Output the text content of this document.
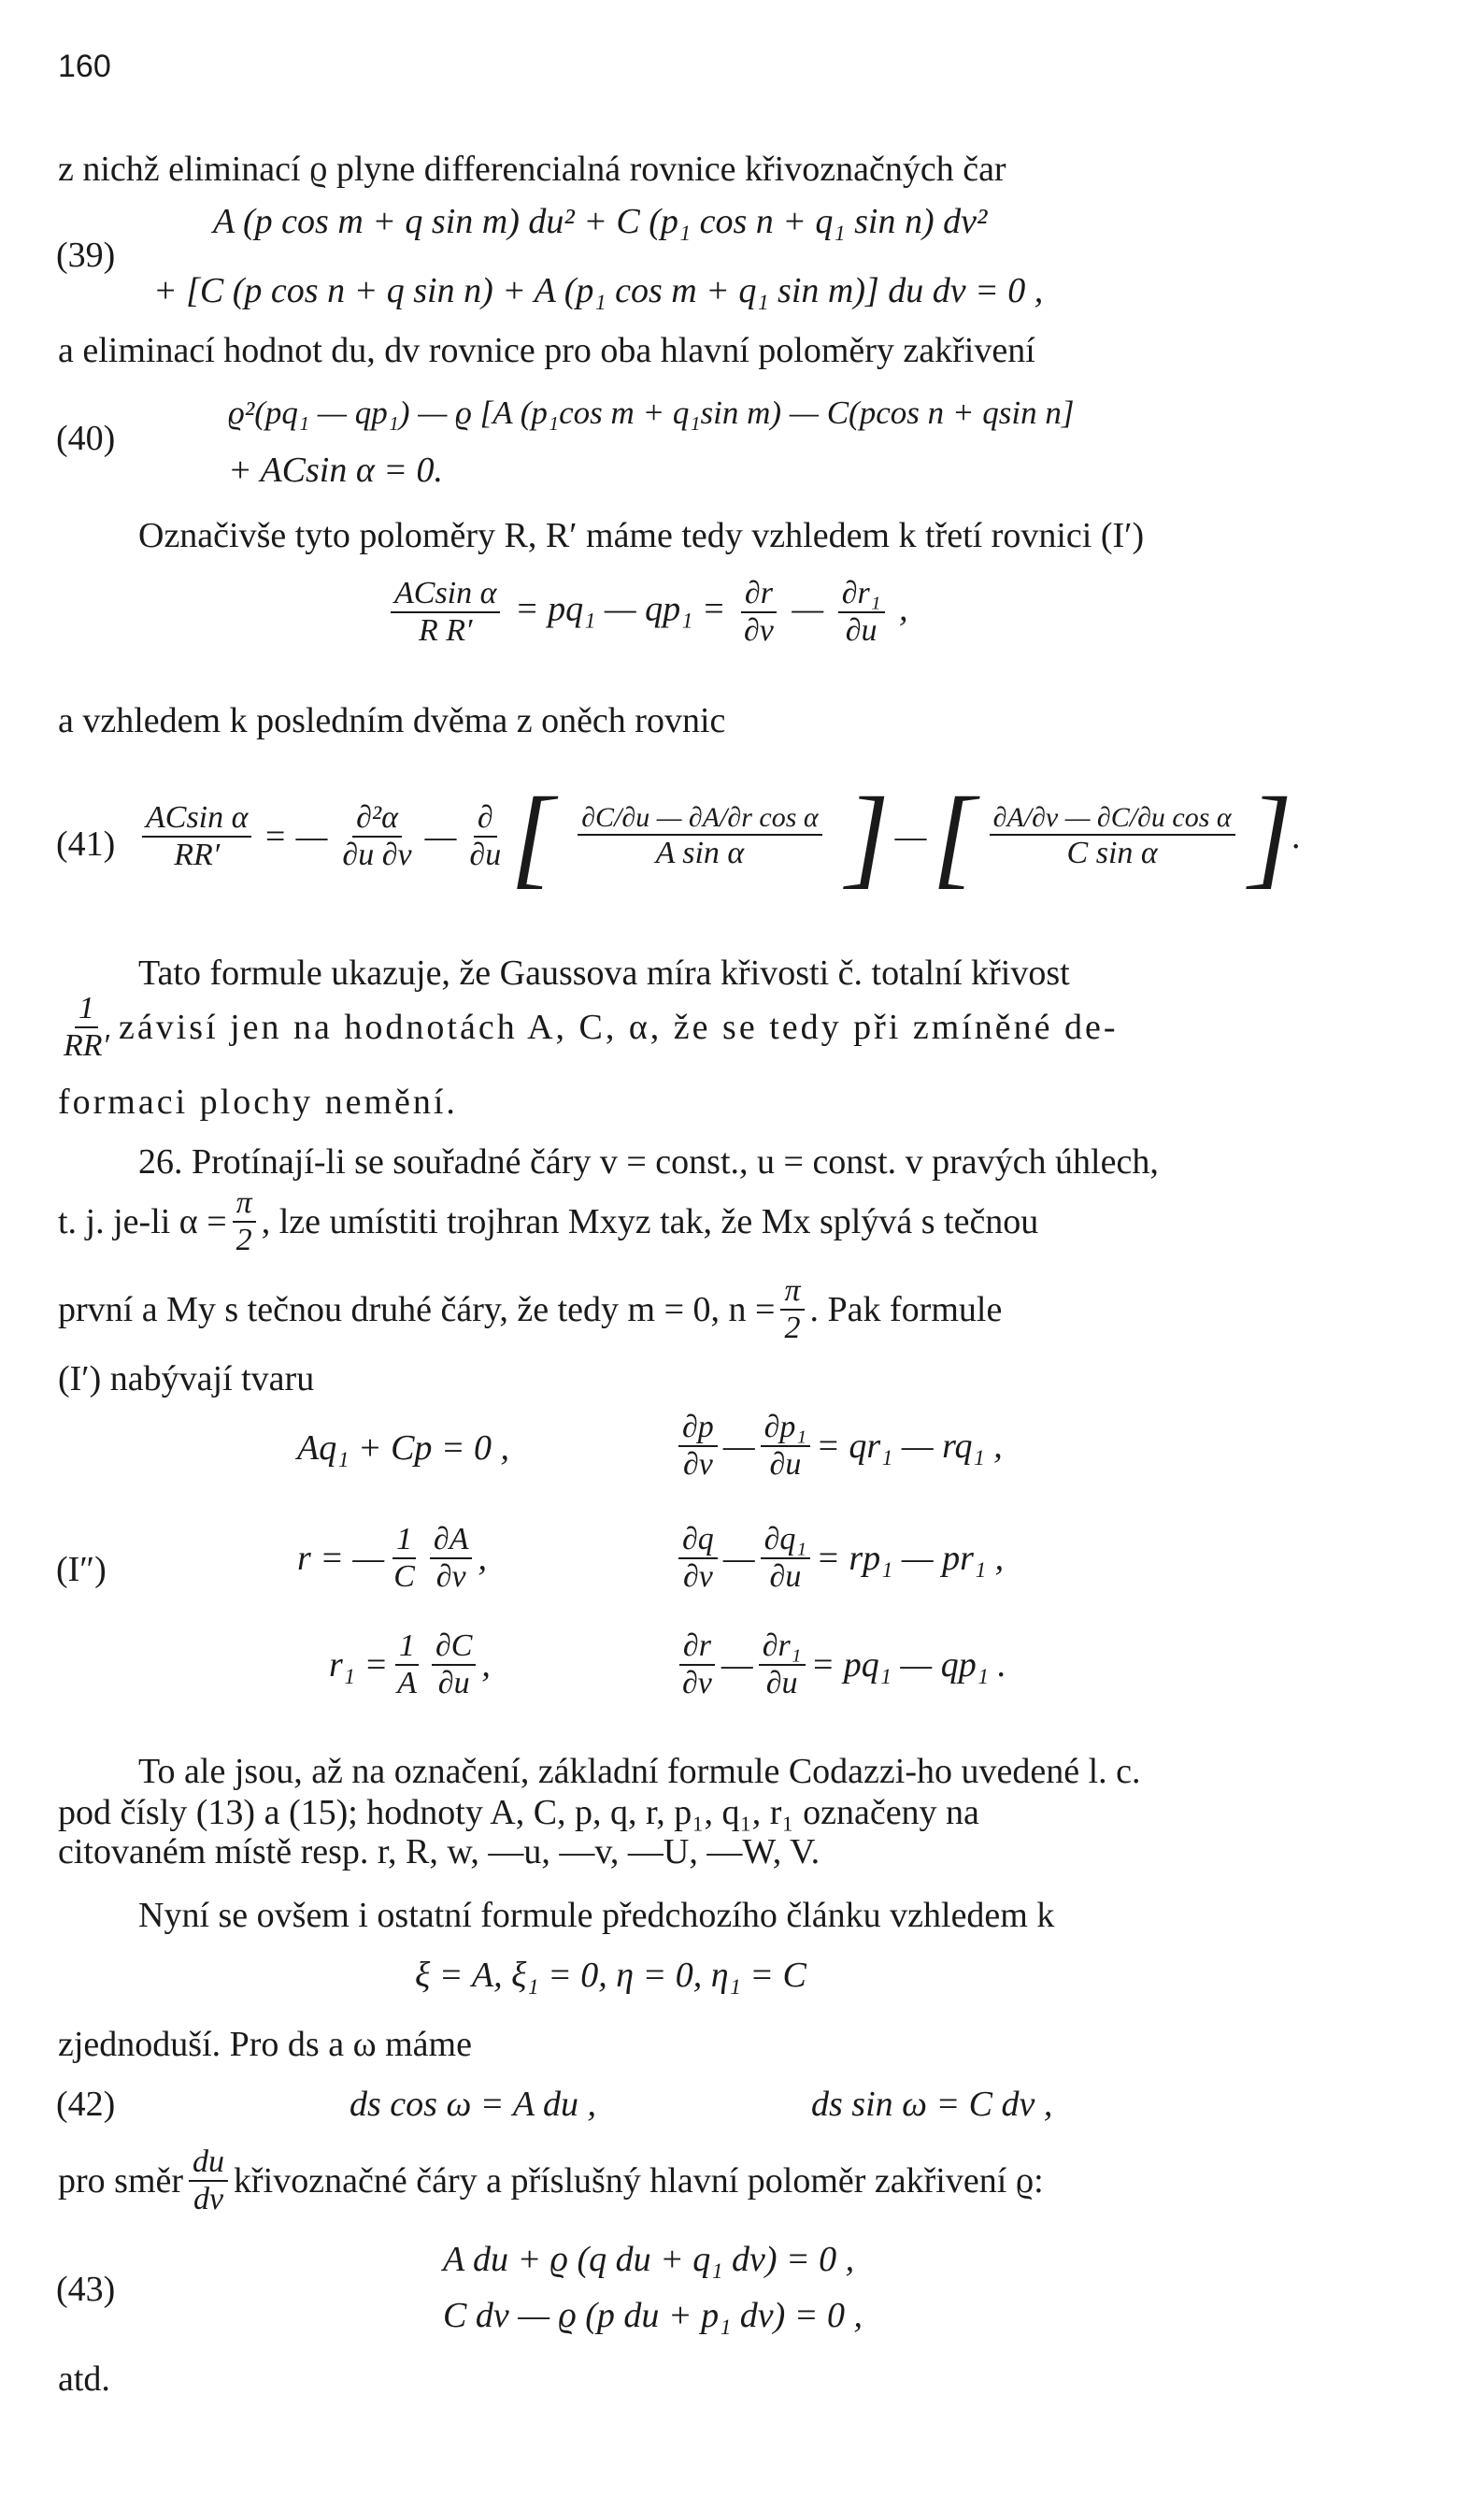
160
z nichž eliminací ϱ plyne differencialná rovnice křivoznačných čar
(39)
A (p cos m + q sin m) du² + C (p₁ cos n + q₁ sin n) dv²
+ [C (p cos n + q sin n) + A (p₁ cos m + q₁ sin m)] du dv = 0 ,
a eliminací hodnot du, dv rovnice pro oba hlavní poloměry zakřivení
(40)
ϱ²(pq₁ — qp₁) — ϱ [A (p₁cos m + q₁sin m) — C(pcos n + qsin n]
+ ACsin α = 0.
Označivše tyto poloměry R, R′ máme tedy vzhledem k třetí rovnici (I′)
$\frac{\text{ACsin α}}{\text{R R′}} = pq_1$ — $qp_1 = \frac{\partial r}{\partial v}$ — $\frac{\text{∂r₁}}{\partial u}$ ,
a vzhledem k posledním dvěma z oněch rovnic
$(41) \frac{\text{ACsin α}}{RR'}$ = — $\frac{\text{∂²α}}{\partial u \partial v}$ — $\frac{\partial}{\partial u}$ [ $\frac{\text{∂C/∂u — ∂A/∂r cos α}}{\text{A sin α}}$ ] — [ $\frac{\text{∂A/∂v — ∂C/∂u cos α}}{\text{C sin α}}$ ] .
Tato formule ukazuje, že Gaussova míra křivosti č. totalní křivost
$\frac{1}{RR'}$ závisí jen na hodnotách A, C, α, že se tedy při zmíněné de-
formaci plochy nemění.
26. Protínají-li se souřadné čáry v = const., u = const. v pravých úhlech,
t. j. je-li $\alpha = \frac{\pi}{2}$ , lze umístiti trojhran Mxyz tak, že Mx splývá s tečnou
první a My s tečnou druhé čáry, že tedy m = 0, $n = \frac{\pi}{2}$ . Pak formule
(I′) nabývají tvaru
(I″)
Aq₁ + Cp = 0 ,	$\frac{\partial p}{\partial v}$ — $\frac{\text{∂p₁}}{\partial u} = qr_1$ — rq₁ ,
r = — $\frac{1}{C} \frac{\partial A}{\partial v}$ ,	$\frac{\partial q}{\partial v}$ — $\frac{\text{∂q₁}}{\partial u} = rp_1$ — pr₁ ,
$r_1 = \frac{1}{A} \frac{\partial C}{\partial u}$ ,	$\frac{\partial r}{\partial v}$ — $\frac{\text{∂r₁}}{\partial u} = pq_1$ — qp₁ .
To ale jsou, až na označení, základní formule Codazzi-ho uvedené l. c.
pod čísly (13) a (15); hodnoty A, C, p, q, r, p₁, q₁, r₁ označeny na
citovaném místě resp. r, R, w, —u, —v, —U, —W, V.
Nyní se ovšem i ostatní formule předchozího článku vzhledem k
ξ = A, ξ₁ = 0, η = 0, η₁ = C
zjednoduší. Pro ds a ω máme
(42)	ds cos ω = A du ,	ds sin ω = C dv ,
pro směr $\frac{du}{dv}$ křivoznačné čáry a příslušný hlavní poloměr zakřivení ϱ:
(43)
A du + ϱ (q du + q₁ dv) = 0 ,
C dv — ϱ (p du + p₁ dv) = 0 ,
atd.
